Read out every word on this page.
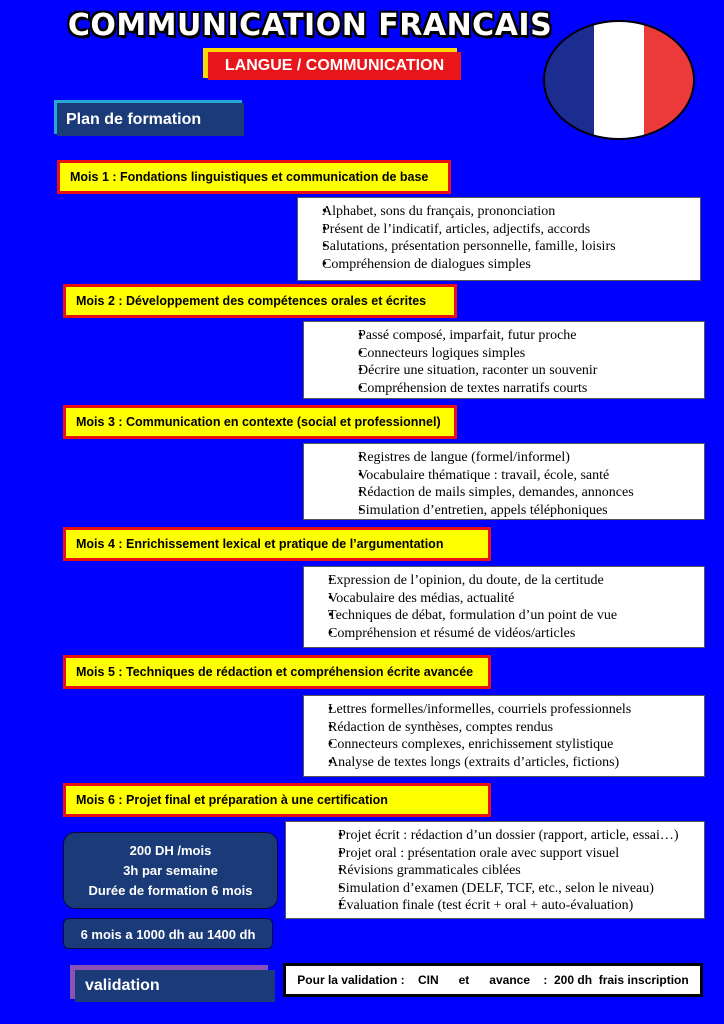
COMMUNICATION FRANCAIS
LANGUE / COMMUNICATION
Plan de formation
Mois 1 : Fondations linguistiques et communication de base
• Alphabet, sons du français, prononciation
• Présent de l’indicatif, articles, adjectifs, accords
• Salutations, présentation personnelle, famille, loisirs
• Compréhension de dialogues simples
Mois 2 : Développement des compétences orales et écrites
• Passé composé, imparfait, futur proche
• Connecteurs logiques simples
• Décrire une situation, raconter un souvenir
• Compréhension de textes narratifs courts
Mois 3 : Communication en contexte (social et professionnel)
• Registres de langue (formel/informel)
• Vocabulaire thématique : travail, école, santé
• Rédaction de mails simples, demandes, annonces
• Simulation d’entretien, appels téléphoniques
Mois 4 : Enrichissement lexical et pratique de l’argumentation
• Expression de l’opinion, du doute, de la certitude
• Vocabulaire des médias, actualité
• Techniques de débat, formulation d’un point de vue
• Compréhension et résumé de vidéos/articles
Mois 5 : Techniques de rédaction et compréhension écrite avancée
• Lettres formelles/informelles, courriels professionnels
• Rédaction de synthèses, comptes rendus
• Connecteurs complexes, enrichissement stylistique
• Analyse de textes longs (extraits d’articles, fictions)
Mois 6 : Projet final et préparation à une certification
• Projet écrit : rédaction d’un dossier (rapport, article, essai…)
• Projet oral : présentation orale avec support visuel
• Révisions grammaticales ciblées
• Simulation d’examen (DELF, TCF, etc., selon le niveau)
• Évaluation finale (test écrit + oral + auto-évaluation)
200 DH /mois
3h par semaine
Durée de formation 6 mois
6 mois a 1000 dh au 1400 dh
validation	Pour la validation :    CIN      et      avance    :  200 dh  frais inscription
